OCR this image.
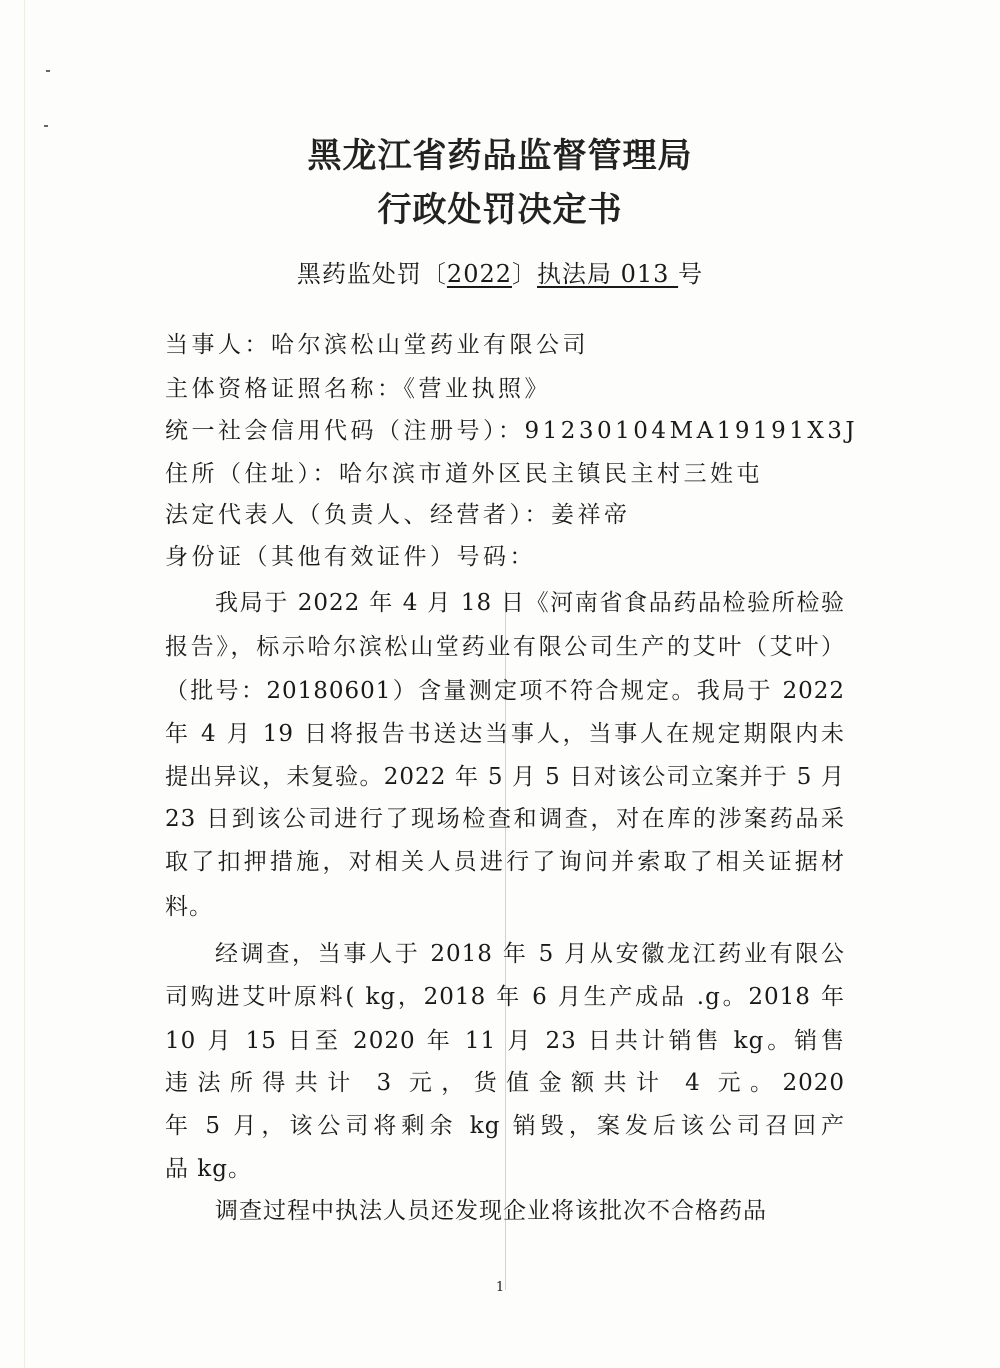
黑龙江省药品监督管理局
行政处罚决定书
黑药监处罚〔2022〕执法局 013 号
当事人：哈尔滨松山堂药业有限公司
主体资格证照名称：《营业执照》
统一社会信用代码（注册号）：91230104MA19191X3J
住所（住址）：哈尔滨市道外区民主镇民主村三姓屯
法定代表人（负责人、经营者）：姜祥帝
身份证（其他有效证件）号码：
我局于 2022 年 4 月 18 日《河南省食品药品检验所检验
报告》，标示哈尔滨松山堂药业有限公司生产的艾叶（艾叶）
（批号：20180601）含量测定项不符合规定。我局于 2022
年 4 月 19 日将报告书送达当事人，当事人在规定期限内未
提出异议，未复验。2022 年 5 月 5 日对该公司立案并于 5 月
23 日到该公司进行了现场检查和调查，对在库的涉案药品采
取了扣押措施，对相关人员进行了询问并索取了相关证据材
料。
经调查，当事人于 2018 年 5 月从安徽龙江药业有限公
司购进艾叶原料( kg，2018 年 6 月生产成品 .g。2018 年
10 月 15 日至 2020 年 11 月 23 日共计销售 kg。销售
违法所得共计 3 元，货值金额共计 4 元。2020
年 5 月，该公司将剩余 kg 销毁，案发后该公司召回产
品 kg。
调查过程中执法人员还发现企业将该批次不合格药品
1
